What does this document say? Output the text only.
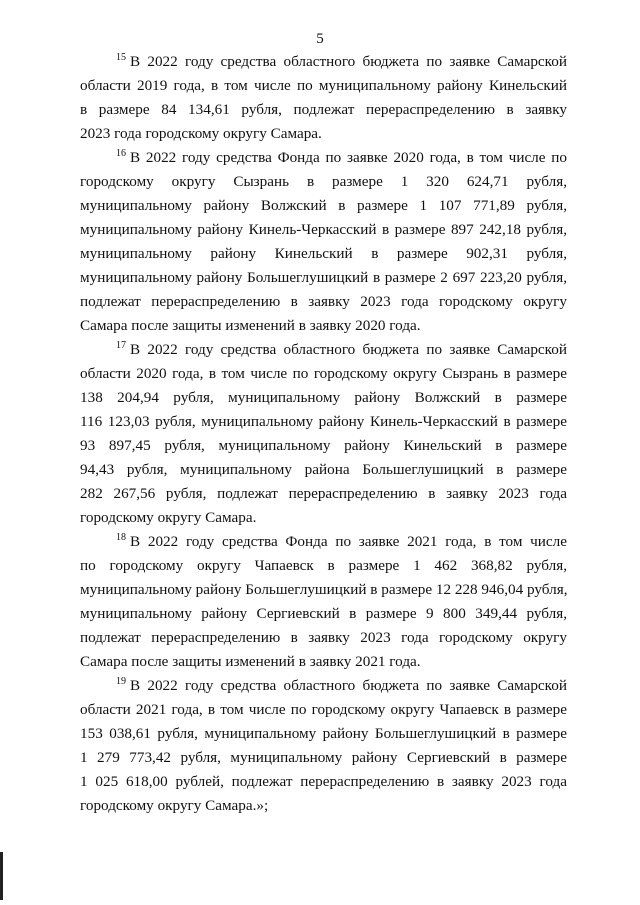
5
$^{15}$ В 2022 году средства областного бюджета по заявке Самарской
области 2019 года, в том числе по муниципальному району Кинельский
в размере 84 134,61 рубля, подлежат перераспределению в заявку
2023 года городскому округу Самара.
$^{16}$ В 2022 году средства Фонда по заявке 2020 года, в том числе по
городскому округу Сызрань в размере 1 320 624,71 рубля,
муниципальному району Волжский в размере 1 107 771,89 рубля,
муниципальному району Кинель-Черкасский в размере 897 242,18 рубля,
муниципальному району Кинельский в размере 902,31 рубля,
муниципальному району Большеглушицкий в размере 2 697 223,20 рубля,
подлежат перераспределению в заявку 2023 года городскому округу
Самара после защиты изменений в заявку 2020 года.
$^{17}$ В 2022 году средства областного бюджета по заявке Самарской
области 2020 года, в том числе по городскому округу Сызрань в размере
138 204,94 рубля, муниципальному району Волжский в размере
116 123,03 рубля, муниципальному району Кинель-Черкасский в размере
93 897,45 рубля, муниципальному району Кинельский в размере
94,43 рубля, муниципальному района Большеглушицкий в размере
282 267,56 рубля, подлежат перераспределению в заявку 2023 года
городскому округу Самара.
$^{18}$ В 2022 году средства Фонда по заявке 2021 года, в том числе
по городскому округу Чапаевск в размере 1 462 368,82 рубля,
муниципальному району Большеглушицкий в размере 12 228 946,04 рубля,
муниципальному району Сергиевский в размере 9 800 349,44 рубля,
подлежат перераспределению в заявку 2023 года городскому округу
Самара после защиты изменений в заявку 2021 года.
$^{19}$ В 2022 году средства областного бюджета по заявке Самарской
области 2021 года, в том числе по городскому округу Чапаевск в размере
153 038,61 рубля, муниципальному району Большеглушицкий в размере
1 279 773,42 рубля, муниципальному району Сергиевский в размере
1 025 618,00 рублей, подлежат перераспределению в заявку 2023 года
городскому округу Самара.»;
